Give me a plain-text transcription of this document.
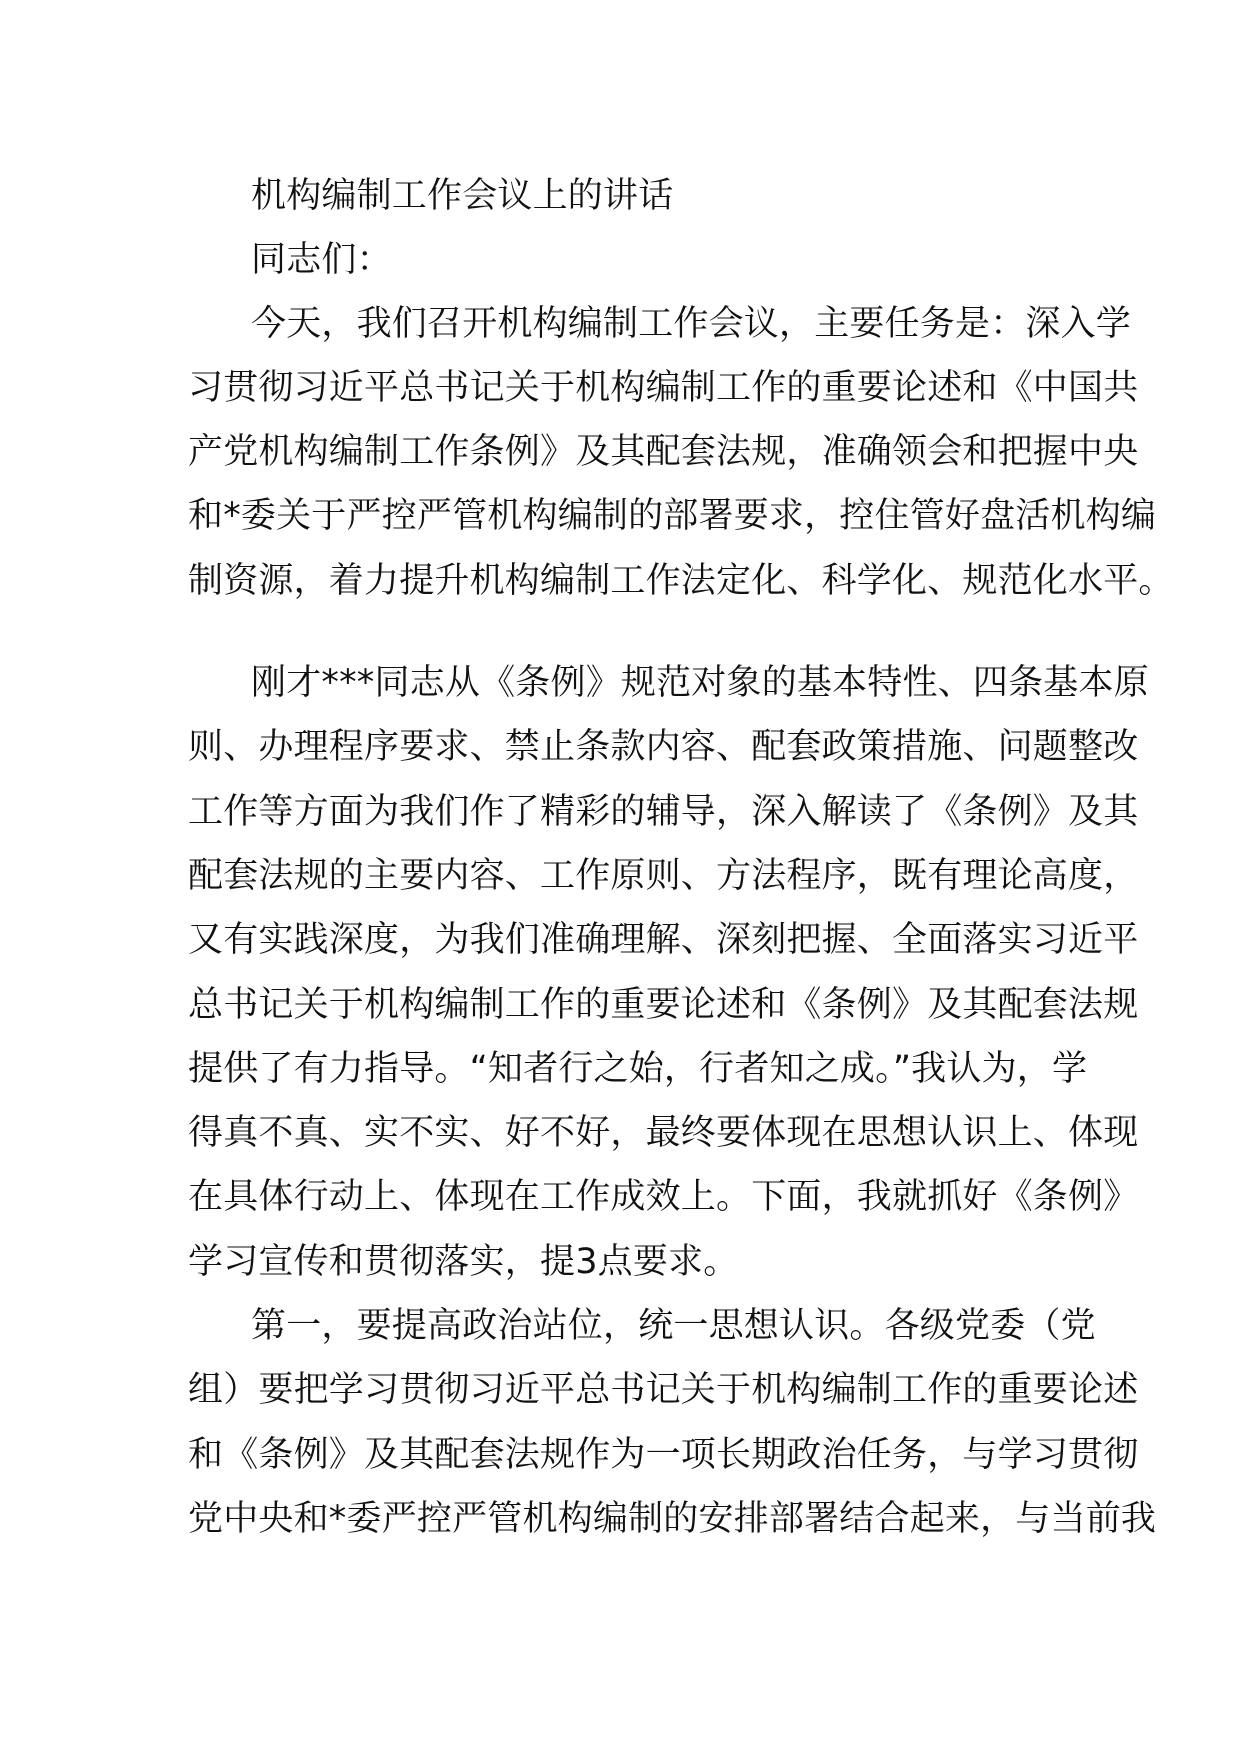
机构编制工作会议上的讲话
同志们：
今天，我们召开机构编制工作会议，主要任务是：深入学
习贯彻习近平总书记关于机构编制工作的重要论述和《中国共
产党机构编制工作条例》及其配套法规，准确领会和把握中央
和*委关于严控严管机构编制的部署要求，控住管好盘活机构编
制资源，着力提升机构编制工作法定化、科学化、规范化水平。
刚才***同志从《条例》规范对象的基本特性、四条基本原
则、办理程序要求、禁止条款内容、配套政策措施、问题整改
工作等方面为我们作了精彩的辅导，深入解读了《条例》及其
配套法规的主要内容、工作原则、方法程序，既有理论高度，
又有实践深度，为我们准确理解、深刻把握、全面落实习近平
总书记关于机构编制工作的重要论述和《条例》及其配套法规
提供了有力指导。“知者行之始，行者知之成。”我认为，学
得真不真、实不实、好不好，最终要体现在思想认识上、体现
在具体行动上、体现在工作成效上。下面，我就抓好《条例》
学习宣传和贯彻落实，提3点要求。
第一，要提高政治站位，统一思想认识。各级党委（党
组）要把学习贯彻习近平总书记关于机构编制工作的重要论述
和《条例》及其配套法规作为一项长期政治任务，与学习贯彻
党中央和*委严控严管机构编制的安排部署结合起来，与当前我
